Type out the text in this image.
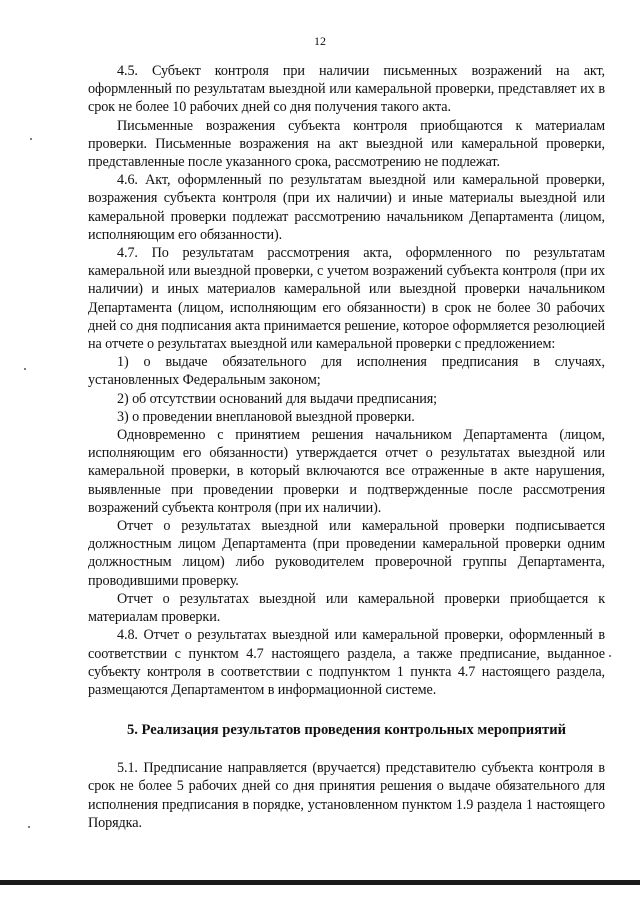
12

4.5. Субъект контроля при наличии письменных возражений на акт, оформленный по результатам выездной или камеральной проверки, представляет их в срок не более 10 рабочих дней со дня получения такого акта.

Письменные возражения субъекта контроля приобщаются к материалам проверки. Письменные возражения на акт выездной или камеральной проверки, представленные после указанного срока, рассмотрению не подлежат.

4.6. Акт, оформленный по результатам выездной или камеральной проверки, возражения субъекта контроля (при их наличии) и иные материалы выездной или камеральной проверки подлежат рассмотрению начальником Департамента (лицом, исполняющим его обязанности).

4.7. По результатам рассмотрения акта, оформленного по результатам камеральной или выездной проверки, с учетом возражений субъекта контроля (при их наличии) и иных материалов камеральной или выездной проверки начальником Департамента (лицом, исполняющим его обязанности) в срок не более 30 рабочих дней со дня подписания акта принимается решение, которое оформляется резолюцией на отчете о результатах выездной или камеральной проверки с предложением:

1) о выдаче обязательного для исполнения предписания в случаях, установленных Федеральным законом;

2) об отсутствии оснований для выдачи предписания;

3) о проведении внеплановой выездной проверки.

Одновременно с принятием решения начальником Департамента (лицом, исполняющим его обязанности) утверждается отчет о результатах выездной или камеральной проверки, в который включаются все отраженные в акте нарушения, выявленные при проведении проверки и подтвержденные после рассмотрения возражений субъекта контроля (при их наличии).

Отчет о результатах выездной или камеральной проверки подписывается должностным лицом Департамента (при проведении камеральной проверки одним должностным лицом) либо руководителем проверочной группы Департамента, проводившими проверку.

Отчет о результатах выездной или камеральной проверки приобщается к материалам проверки.

4.8. Отчет о результатах выездной или камеральной проверки, оформленный в соответствии с пунктом 4.7 настоящего раздела, а также предписание, выданное субъекту контроля в соответствии с подпунктом 1 пункта 4.7 настоящего раздела, размещаются Департаментом в информационной системе.

5. Реализация результатов проведения контрольных мероприятий

5.1. Предписание направляется (вручается) представителю субъекта контроля в срок не более 5 рабочих дней со дня принятия решения о выдаче обязательного для исполнения предписания в порядке, установленном пунктом 1.9 раздела 1 настоящего Порядка.
